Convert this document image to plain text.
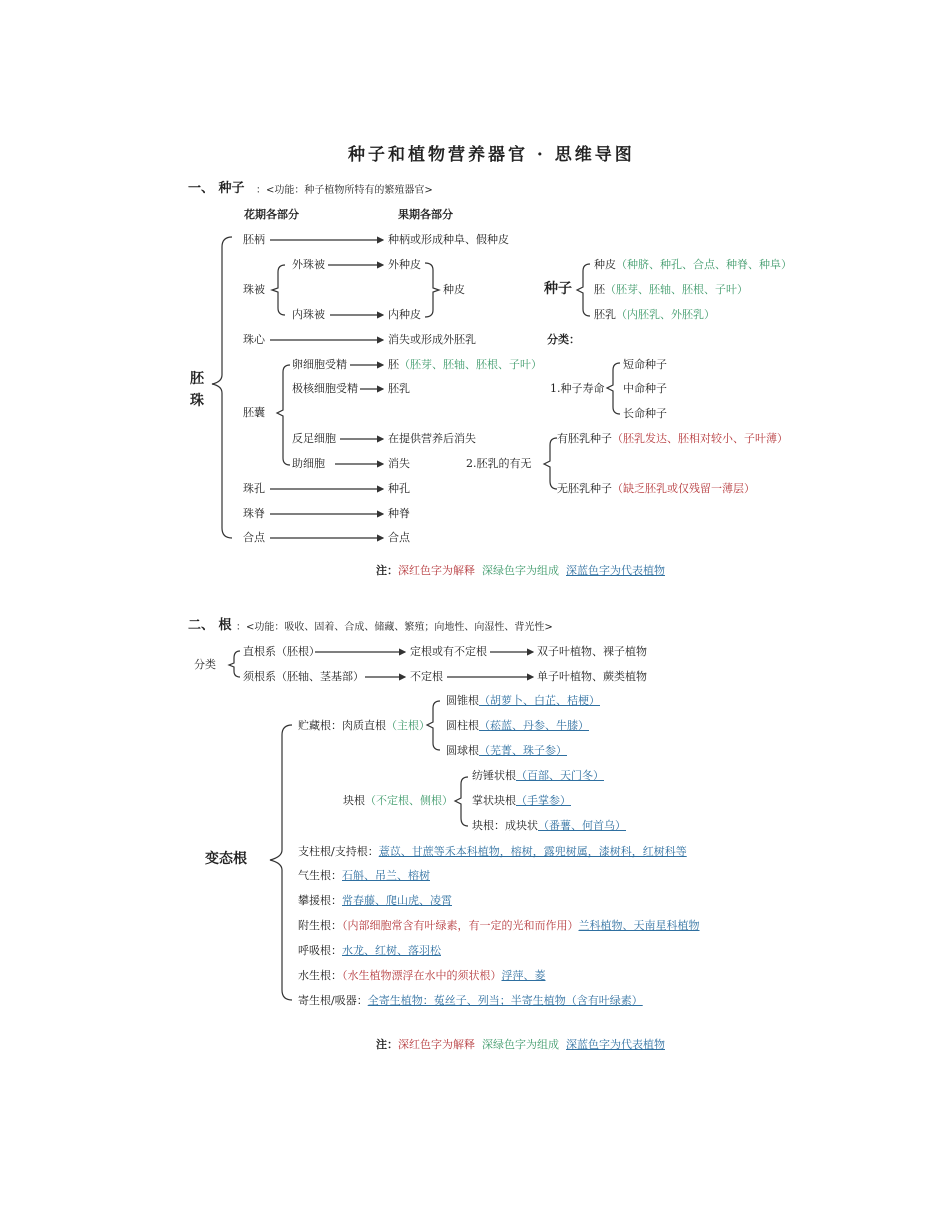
种子和植物营养器官 · 思维导图
一、 种子 ：<功能：种子植物所特有的繁殖器官>
花期各部分	果期各部分
胚珠
胚柄	种柄或形成种阜、假种皮
珠被
外珠被	外种皮
内珠被	内种皮
种皮
珠心	消失或形成外胚乳
胚囊
卵细胞受精	胚（胚芽、胚轴、胚根、子叶）
极核细胞受精	胚乳
反足细胞	在提供营养后消失
助细胞	消失
珠孔	种孔
珠脊	种脊
合点	合点
种子
种皮（种脐、种孔、合点、种脊、种阜）
胚（胚芽、胚轴、胚根、子叶）
胚乳（内胚乳、外胚乳）
分类：
1.种子寿命
短命种子
中命种子
长命种子
2.胚乳的有无
有胚乳种子（胚乳发达、胚相对较小、子叶薄）
无胚乳种子（缺乏胚乳或仅残留一薄层）
注：深红色字为解释 深绿色字为组成 深蓝色字为代表植物
二、 根 ：<功能：吸收、固着、合成、储藏、繁殖；向地性、向湿性、背光性>
分类
直根系（胚根）	定根或有不定根	双子叶植物、裸子植物
须根系（胚轴、茎基部）	不定根	单子叶植物、蕨类植物
变态根
贮藏根：肉质直根（主根）
圆锥根（胡萝卜、白芷、桔梗）
圆柱根（菘蓝、丹参、牛膝）
圆球根（芜菁、珠子参）
块根（不定根、侧根）
纺锤状根（百部、天门冬）
掌状块根（手掌参）
块根：成块状（番薯、何首乌）
支柱根/支持根：薏苡、甘蔗等禾本科植物，榕树，露兜树属，漆树科，红树科等
气生根：石斛、吊兰、榕树
攀援根：常春藤、爬山虎、凌霄
附生根：（内部细胞常含有叶绿素，有一定的光和而作用）兰科植物、天南星科植物
呼吸根：水龙、红树、落羽松
水生根：（水生植物漂浮在水中的须状根）浮萍、菱
寄生根/吸器：全寄生植物：菟丝子、列当；半寄生植物（含有叶绿素）
注：深红色字为解释 深绿色字为组成 深蓝色字为代表植物
